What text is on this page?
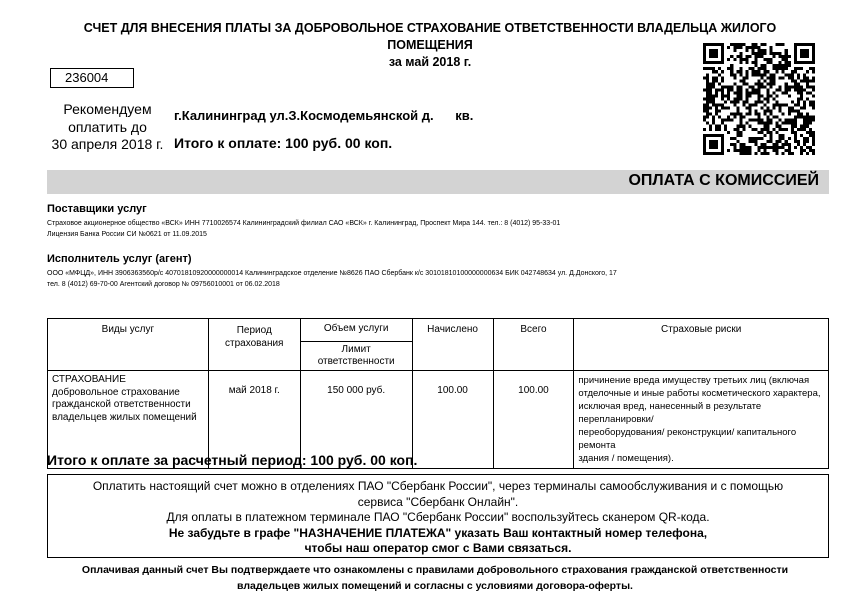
СЧЕТ ДЛЯ ВНЕСЕНИЯ ПЛАТЫ ЗА ДОБРОВОЛЬНОЕ СТРАХОВАНИЕ ОТВЕТСТВЕННОСТИ ВЛАДЕЛЬЦА ЖИЛОГО ПОМЕЩЕНИЯ
за май 2018 г.
236004
Рекомендуем
оплатить до
30 апреля 2018 г.
г.Калининград ул.З.Космодемьянской д.      кв.
Итого к оплате: 100 руб. 00 коп.
ОПЛАТА С КОМИССИЕЙ
Поставщики услуг
Страховое акционерное общество «ВСК» ИНН 7710026574 Калининградский филиал САО «ВСК» г. Калининград, Проспект Мира 144. тел.: 8 (4012) 95-33-01
Лицензия Банка России СИ №0621 от 11.09.2015
Исполнитель услуг (агент)
ООО «МФЦД», ИНН 3906363560р/с 40701810920000000014 Калининградское отделение №8626 ПАО Сбербанк к/с 30101810100000000634 БИК 042748634 ул. Д.Донского, 17
тел. 8 (4012) 69-70-00 Агентский договор № 09756010001 от 06.02.2018
Виды услуг	Период
страхования
	Объем услуги	Начислено	Всего	Страховые риски

Лимит
ответственности

СТРАХОВАНИЕ
добровольное страхование
гражданской ответственности
владельцев жилых помещений
	май 2018 г.	150 000 руб.	100.00	100.00	
причинение вреда имуществу третьих лиц (включая
отделочные и иные работы косметического характера,
исключая вред, нанесенный в результате перепланировки/
переоборудования/ реконструкции/ капитального ремонта
здания / помещения).
Итого к оплате за расчетный период: 100 руб. 00 коп.
Оплатить настоящий счет можно в отделениях ПАО "Сбербанк России", через терминалы самообслуживания и с помощью
сервиса "Сбербанк Онлайн".
Для оплаты в платежном терминале ПАО "Сбербанк России" воспользуйтесь сканером QR-кода.
Не забудьте в графе "НАЗНАЧЕНИЕ ПЛАТЕЖА" указать Ваш контактный номер телефона,
чтобы наш оператор смог с Вами связаться.
Оплачивая данный счет Вы подтверждаете что ознакомлены с правилами добровольного страхования гражданской ответственности
владельцев жилых помещений и согласны с условиями договора-оферты.
